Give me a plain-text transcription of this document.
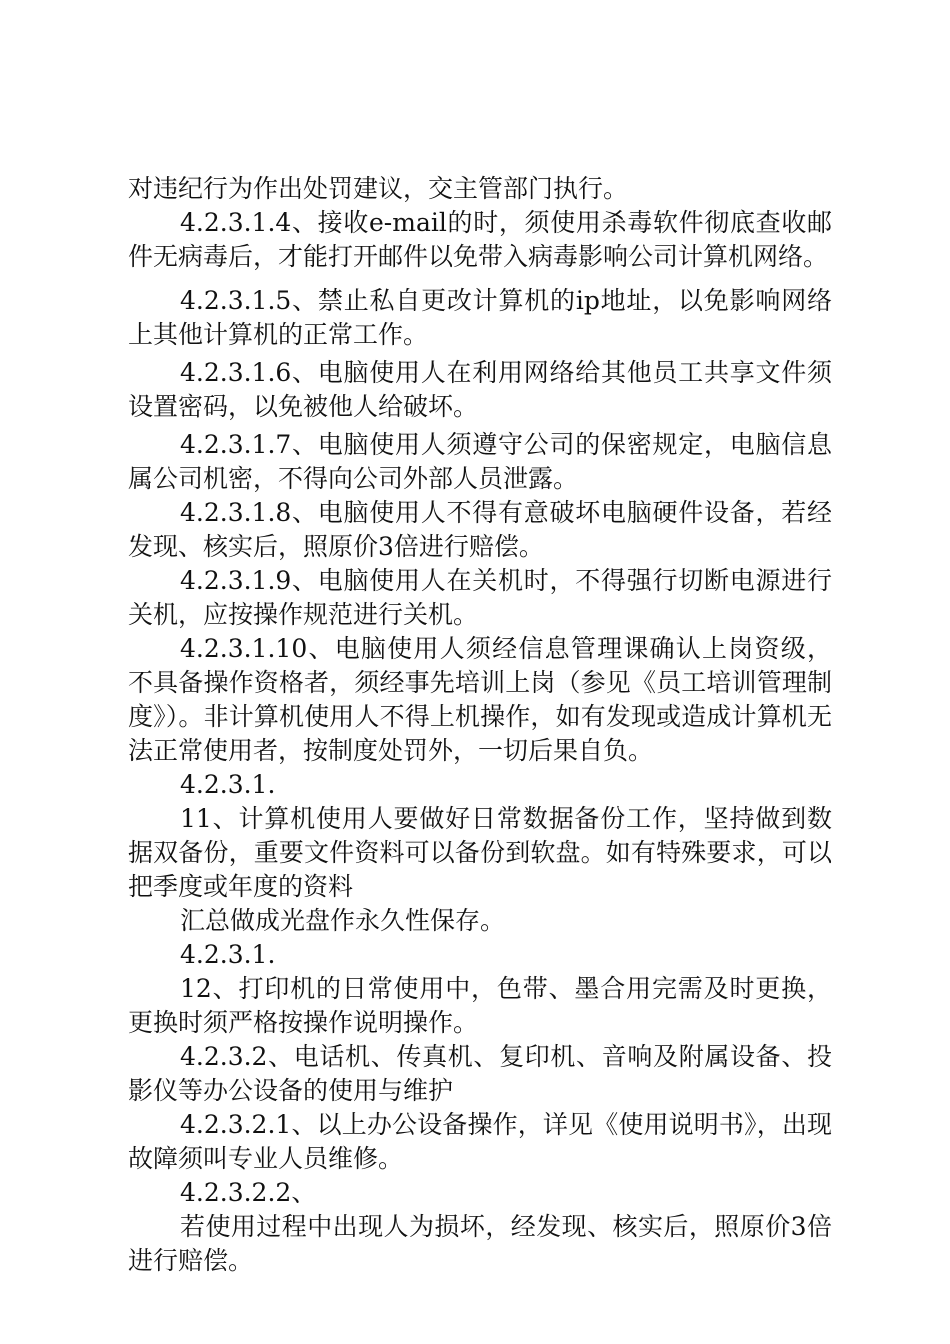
对违纪行为作出处罚建议，交主管部门执行。

4.2.3.1.4、接收e-mail的时，须使用杀毒软件彻底查收邮件无病毒后，才能打开邮件以免带入病毒影响公司计算机网络。

4.2.3.1.5、禁止私自更改计算机的ip地址，以免影响网络上其他计算机的正常工作。

4.2.3.1.6、电脑使用人在利用网络给其他员工共享文件须设置密码，以免被他人给破坏。

4.2.3.1.7、电脑使用人须遵守公司的保密规定，电脑信息属公司机密，不得向公司外部人员泄露。

4.2.3.1.8、电脑使用人不得有意破坏电脑硬件设备，若经发现、核实后，照原价3倍进行赔偿。

4.2.3.1.9、电脑使用人在关机时，不得强行切断电源进行关机，应按操作规范进行关机。

4.2.3.1.10、电脑使用人须经信息管理课确认上岗资级，不具备操作资格者，须经事先培训上岗（参见《员工培训管理制度》）。非计算机使用人不得上机操作，如有发现或造成计算机无法正常使用者，按制度处罚外，一切后果自负。

4.2.3.1.

11、计算机使用人要做好日常数据备份工作，坚持做到数据双备份，重要文件资料可以备份到软盘。如有特殊要求，可以把季度或年度的资料

汇总做成光盘作永久性保存。

4.2.3.1.

12、打印机的日常使用中，色带、墨合用完需及时更换，更换时须严格按操作说明操作。

4.2.3.2、电话机、传真机、复印机、音响及附属设备、投影仪等办公设备的使用与维护

4.2.3.2.1、以上办公设备操作，详见《使用说明书》，出现故障须叫专业人员维修。

4.2.3.2.2、

若使用过程中出现人为损坏，经发现、核实后，照原价3倍进行赔偿。
